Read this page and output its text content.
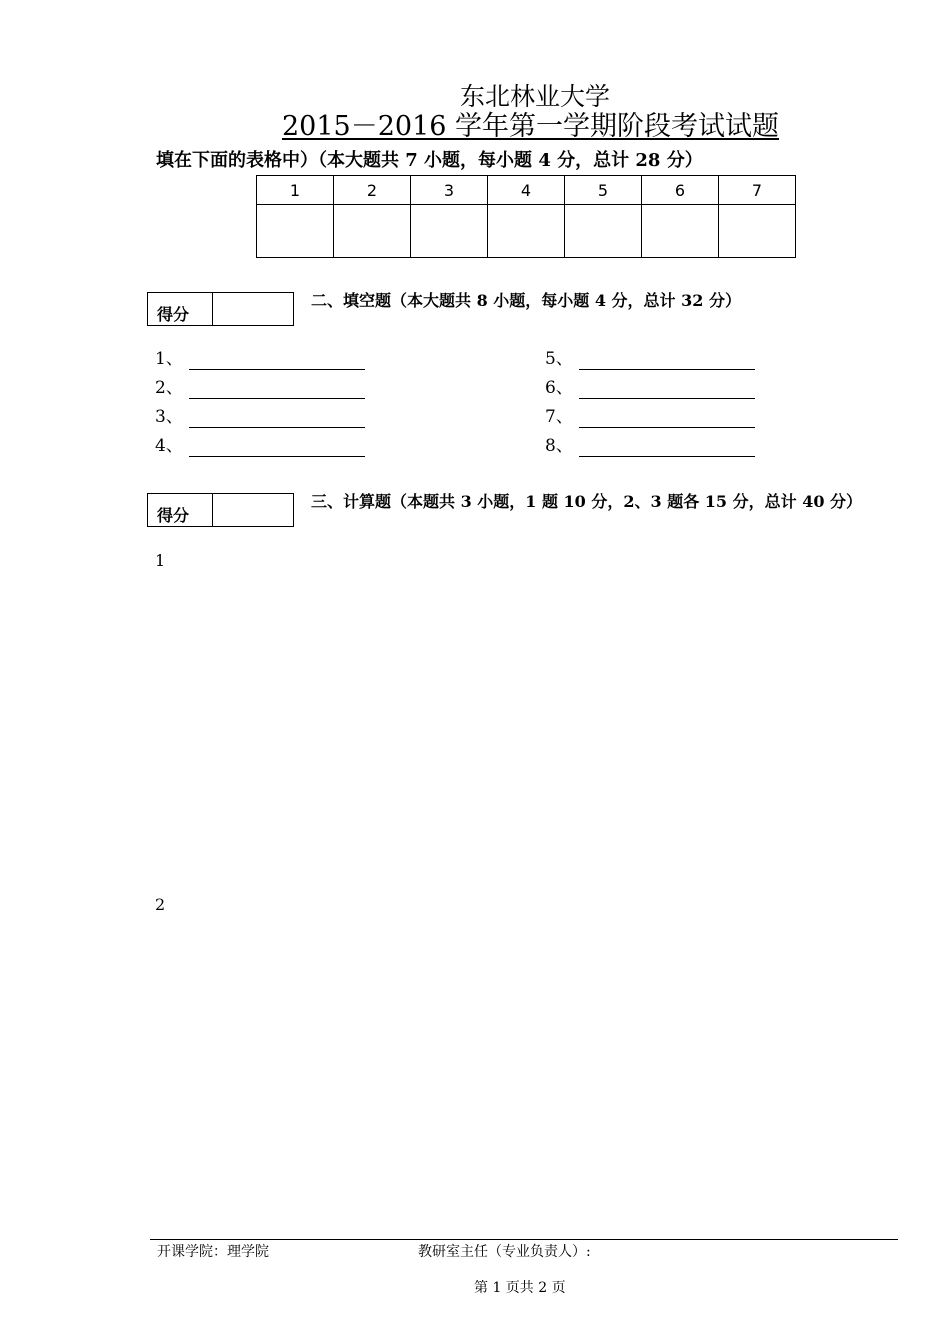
东北林业大学
2015－2016 学年第一学期阶段考试试题
填在下面的表格中）（本大题共 7 小题，每小题 4 分，总计 28 分）
1	2	3	4	5	6	7

得分
二、填空题（本大题共 8 小题，每小题 4 分，总计 32 分）
1、
2、
3、
4、
5、
6、
7、
8、
得分
三、计算题（本题共 3 小题，1 题 10 分，2、3 题各 15 分，总计 40 分）
1
2
开课学院：理学院	教研室主任（专业负责人）:
第 1 页共 2 页
